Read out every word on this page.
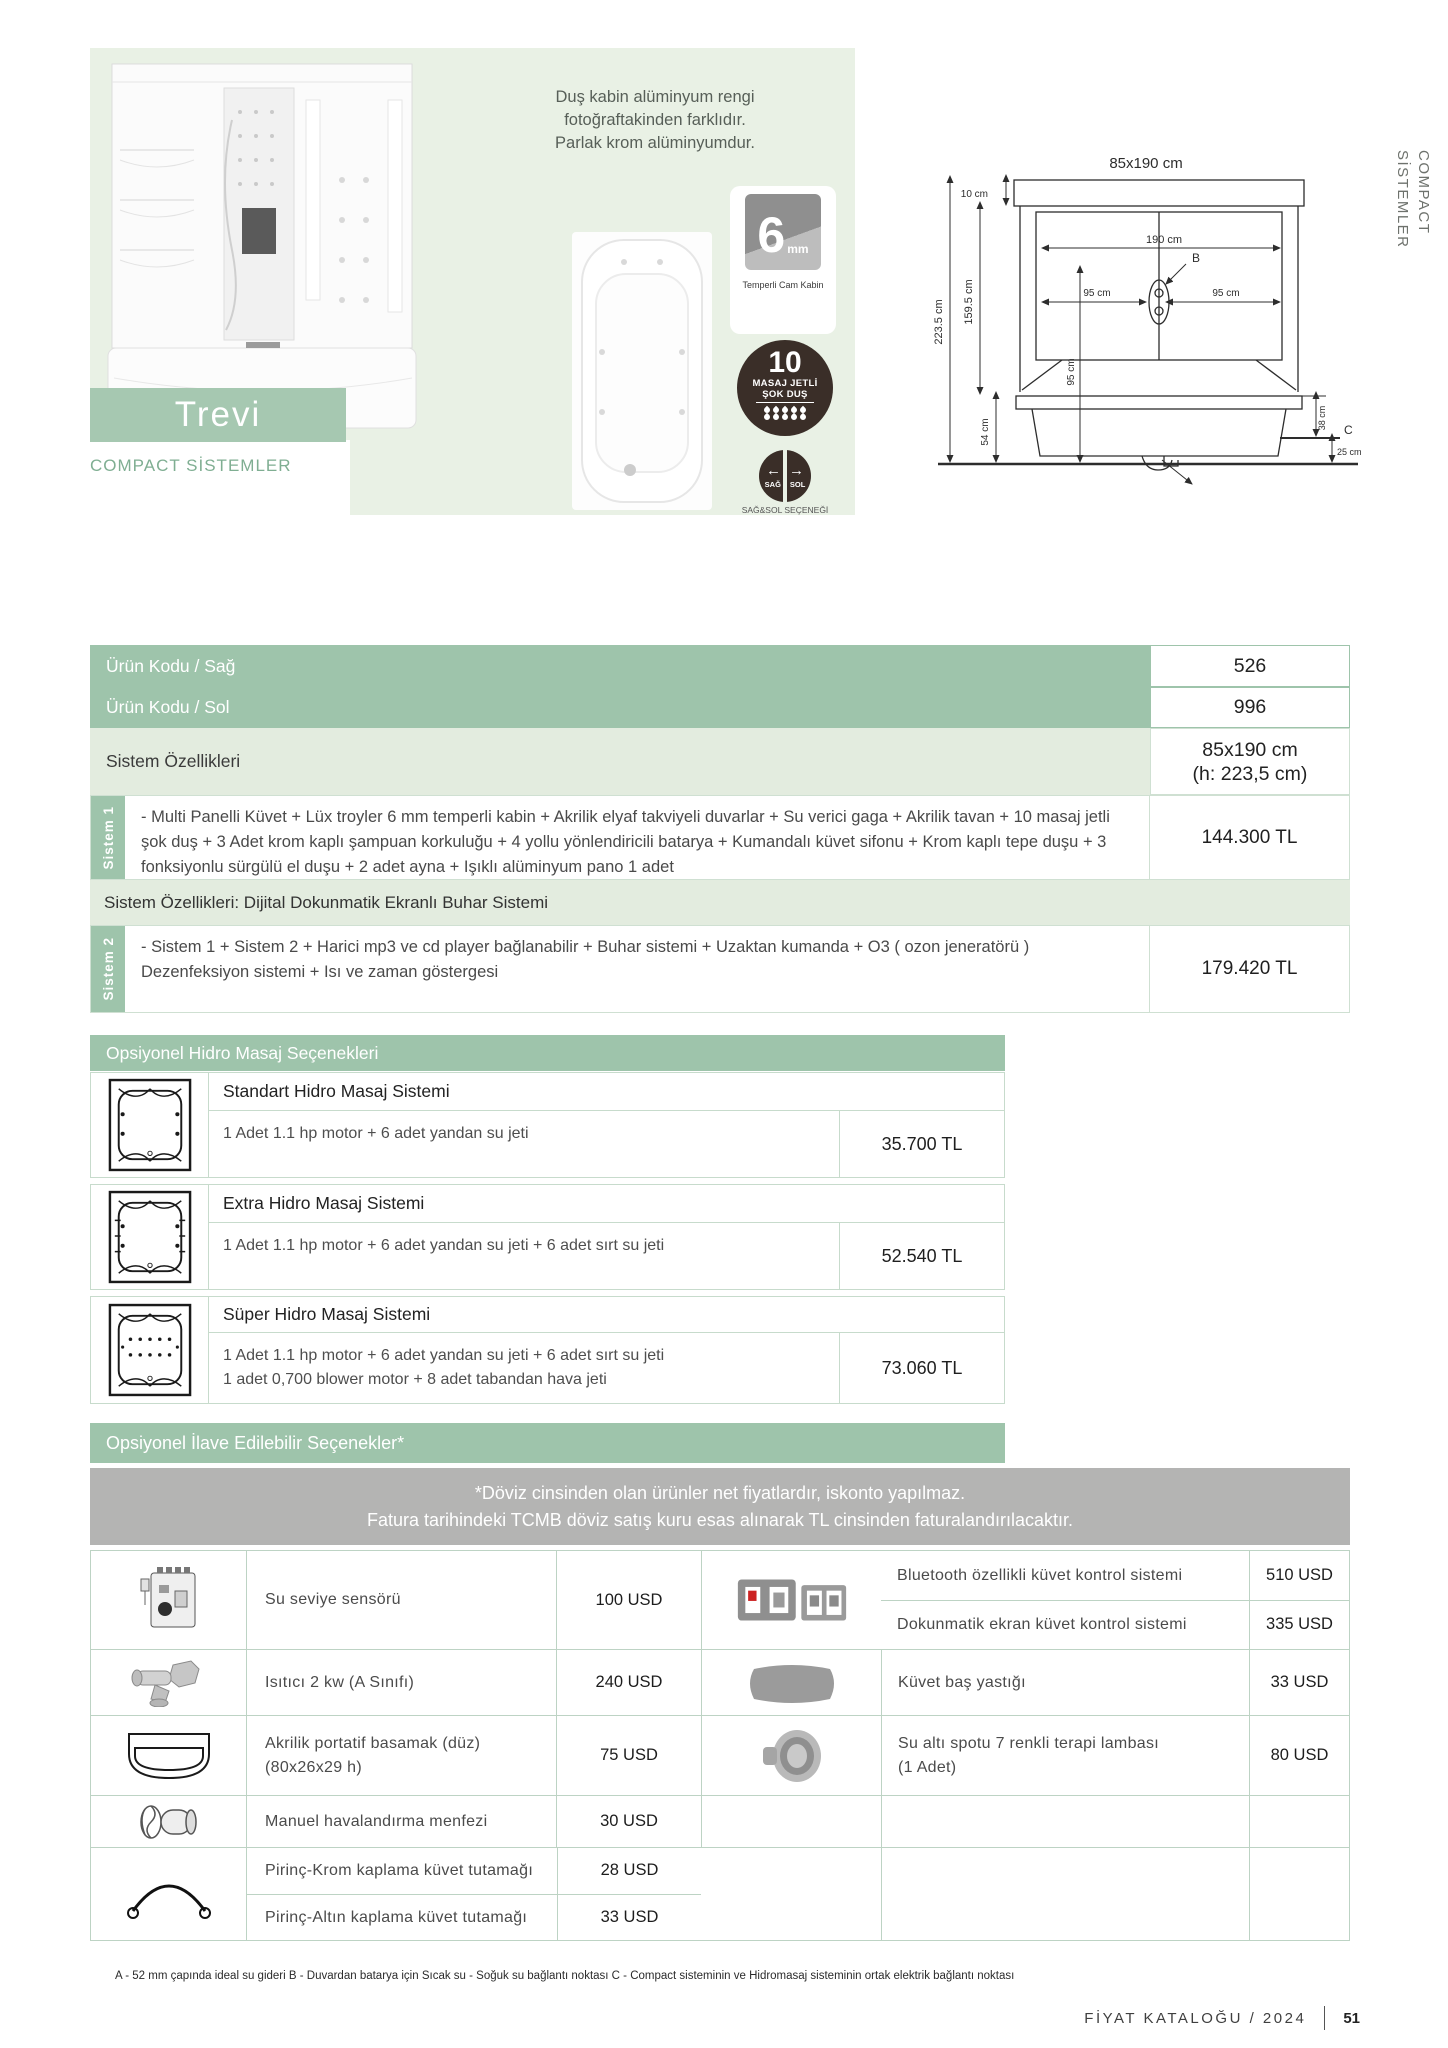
Duş kabin alüminyum rengi
fotoğraftakinden farklıdır.
Parlak krom alüminyumdur.
Trevi
COMPACT SİSTEMLER
6 mm
Temperli Cam Kabin
10
MASAJ JETLİ
ŞOK DUŞ
← →
SAĞ SOL
SAĞ&SOL SEÇENEĞİ
85x190 cm
223.5 cm 159.5 cm
10 cm
190 cm
95 cm	95 cm
B
95 cm
54 cm
38 cm
25 cm
C
COMPACT
SİSTEMLER
Ürün Kodu / Sağ	526
Ürün Kodu / Sol	996
Sistem Özellikleri
85x190 cm
(h: 223,5 cm)
Sistem 1	- Multi Panelli Küvet + Lüx troyler 6 mm temperli kabin + Akrilik elyaf takviyeli duvarlar + Su verici gaga + Akrilik tavan + 10 masaj jetli şok duş + 3 Adet krom kaplı şampuan korkuluğu + 4 yollu yönlendiricili batarya + Kumandalı küvet sifonu + Krom kaplı tepe duşu + 3 fonksiyonlu sürgülü el duşu + 2 adet ayna + Işıklı alüminyum pano 1 adet
144.300 TL
Sistem Özellikleri: Dijital Dokunmatik Ekranlı Buhar Sistemi
Sistem 2	- Sistem 1 + Sistem 2 + Harici mp3 ve cd player bağlanabilir + Buhar sistemi + Uzaktan kumanda + O3 ( ozon jeneratörü ) Dezenfeksiyon sistemi + Isı ve zaman göstergesi	179.420 TL
Opsiyonel Hidro Masaj Seçenekleri
Standart Hidro Masaj Sistemi
1 Adet 1.1 hp motor + 6 adet yandan su jeti	35.700 TL
Extra Hidro Masaj Sistemi
1 Adet 1.1 hp motor + 6 adet yandan su jeti + 6 adet sırt su jeti	52.540 TL
Süper Hidro Masaj Sistemi
1 Adet 1.1 hp motor + 6 adet yandan su jeti + 6 adet sırt su jeti
1 adet 0,700 blower motor + 8 adet tabandan hava jeti
73.060 TL
Opsiyonel İlave Edilebilir Seçenekler*
*Döviz cinsinden olan ürünler net fiyatlardır, iskonto yapılmaz.
Fatura tarihindeki TCMB döviz satış kuru esas alınarak TL cinsinden faturalandırılacaktır.
Su seviye sensörü	100 USD
Bluetooth özellikli küvet kontrol sistemi	510 USD
Dokunmatik ekran küvet kontrol sistemi	335 USD
Isıtıcı 2 kw (A Sınıfı)	240 USD	Küvet baş yastığı	33 USD
Akrilik portatif basamak (düz)
(80x26x29 h)
75 USD
Su altı spotu 7 renkli terapi lambası
(1 Adet)
80 USD
Manuel havalandırma menfezi	30 USD
Pirinç-Krom kaplama küvet tutamağı	28 USD
Pirinç-Altın kaplama küvet tutamağı	33 USD
A - 52 mm çapında ideal su gideri B - Duvardan batarya için Sıcak su - Soğuk su bağlantı noktası C - Compact sisteminin ve Hidromasaj sisteminin ortak elektrik bağlantı noktası
FİYAT KATALOĞU / 2024 51
